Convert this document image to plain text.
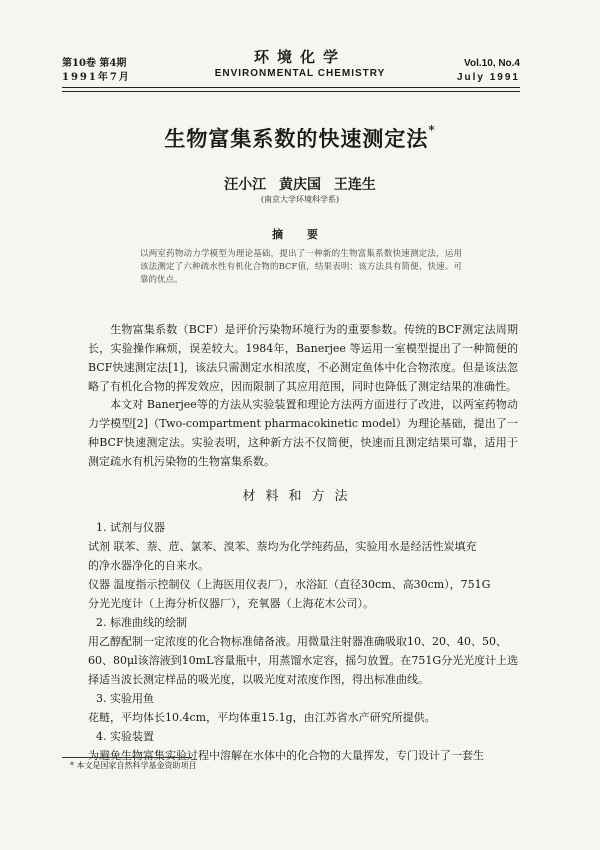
第10卷 第4期
1991年7月
环境化学
ENVIRONMENTAL CHEMISTRY
Vol.10, No.4
July 1991
生物富集系数的快速测定法*
汪小江 黄庆国 王连生
(南京大学环境科学系)
摘 要
以两室药物动力学模型为理论基础，提出了一种新的生物富集系数快速测定法，运用该法测定了六种疏水性有机化合物的BCF值，结果表明：该方法具有简便、快速、可靠的优点。
生物富集系数（BCF）是评价污染物环境行为的重要参数。传统的BCF测定法周期长，实验操作麻烦，误差较大。1984年，Banerjee 等运用一室模型提出了一种简便的BCF快速测定法[1]，该法只需测定水相浓度，不必测定鱼体中化合物浓度。但是该法忽略了有机化合物的挥发效应，因而限制了其应用范围，同时也降低了测定结果的准确性。
本文对 Banerjee等的方法从实验装置和理论方法两方面进行了改进，以两室药物动力学模型[2]（Two-compartment pharmacokinetic model）为理论基础，提出了一种BCF快速测定法。实验表明，这种新方法不仅简便，快速而且测定结果可靠，适用于测定疏水有机污染物的生物富集系数。
材料和方法
1. 试剂与仪器
试剂 联苯、萘、苊、氯苯、溴苯、萘均为化学纯药品，实验用水是经活性炭填充
的净水器净化的自来水。
仪器 温度指示控制仪（上海医用仪表厂），水浴缸（直径30cm、高30cm），751G
分光光度计（上海分析仪器厂），充氧器（上海花木公司）。
2. 标准曲线的绘制
用乙醇配制一定浓度的化合物标准储备液。用微量注射器准确吸取10、20、40、50、
60、80μl该溶液到10mL容量瓶中，用蒸馏水定容，摇匀放置。在751G分光光度计上选
择适当波长测定样品的吸光度，以吸光度对浓度作图，得出标准曲线。
3. 实验用鱼
花鲢，平均体长10.4cm，平均体重15.1g，由江苏省水产研究所提供。
4. 实验装置
为避免生物富集实验过程中溶解在水体中的化合物的大量挥发，专门设计了一套生
* 本文是国家自然科学基金资助项目
